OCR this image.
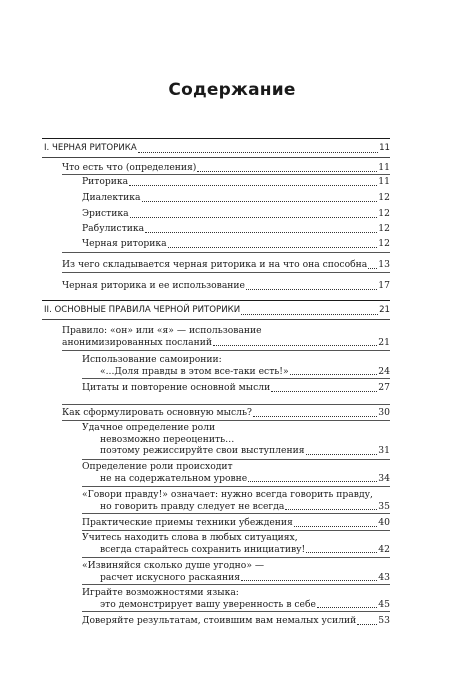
Содержание
I. ЧЕРНАЯ РИТОРИКА	11
Что есть что (определения)	11
Риторика	11
Диалектика	12
Эристика	12
Рабулистика	12
Черная риторика	12
Из чего складывается черная риторика и на что она способна 13
Черная риторика и ее использование	17
II. ОСНОВНЫЕ ПРАВИЛА ЧЕРНОЙ РИТОРИКИ	21
Правило: «он» или «я» — использование
анонимизированных посланий	21
Использование самоиронии:
«...Доля правды в этом все-таки есть!»	24
Цитаты и повторение основной мысли	27
Как сформулировать основную мысль?	30
Удачное определение роли
невозможно переоценить…
поэтому режиссируйте свои выступления	31
Определение роли происходит
не на содержательном уровне	34
«Говори правду!» означает: нужно всегда говорить правду,
но говорить правду следует не всегда	35
Практические приемы техники убеждения	40
Учитесь находить слова в любых ситуациях,
всегда старайтесь сохранить инициативу!	42
«Извиняйся сколько душе угодно» —
расчет искусного раскаяния	43
Играйте возможностями языка:
это демонстрирует вашу уверенность в себе	45
Доверяйте результатам, стоившим вам немалых усилий 53
